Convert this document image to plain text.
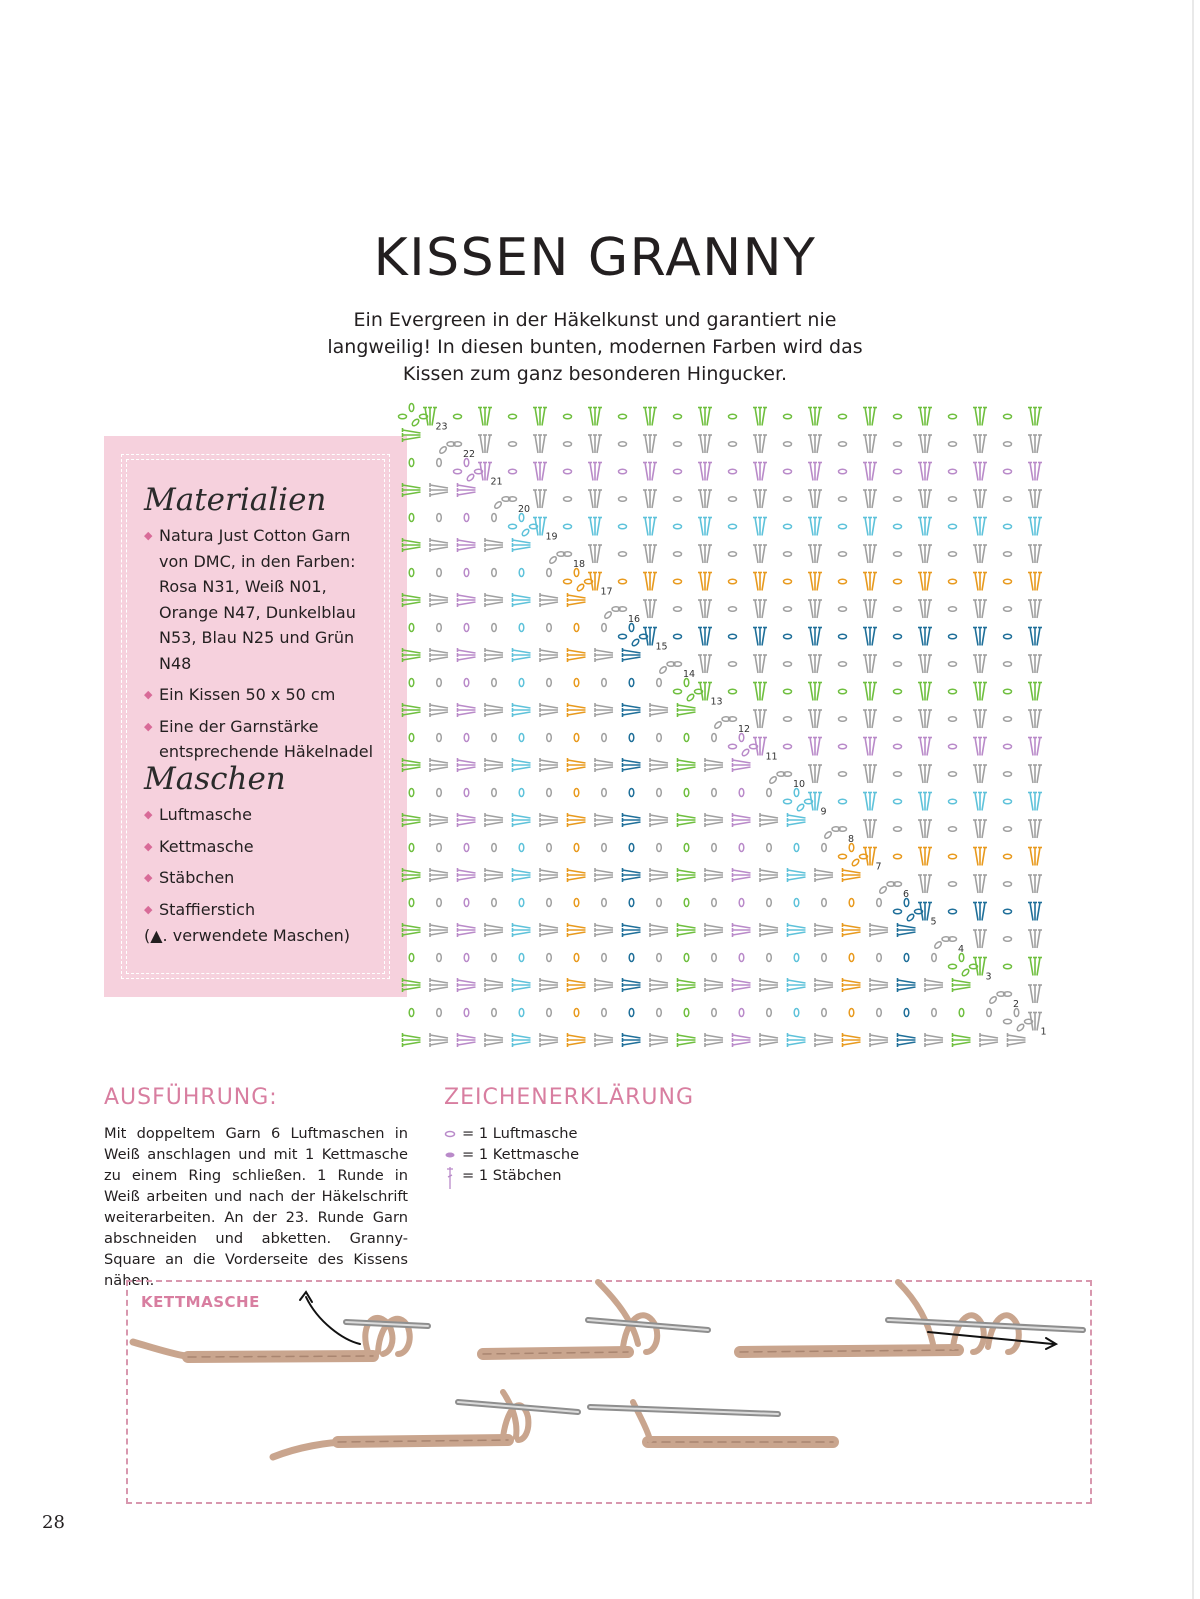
KISSEN GRANNY

Ein Evergreen in der Häkelkunst und garantiert nie langweilig! In diesen bunten, modernen Farben wird das Kissen zum ganz besonderen Hingucker.

Materialien
◆ Natura Just Cotton Garn von DMC, in den Farben: Rosa N31, Weiß N01, Orange N47, Dunkelblau N53, Blau N25 und Grün N48
◆ Ein Kissen 50 x 50 cm
◆ Eine der Garnstärke entsprechende Häkelnadel
Maschen
◆ Luftmasche
◆ Kettmasche
◆ Stäbchen
◆ Staffierstich
(▲. verwendete Maschen)
1
2
3
4
5
6
7
8
9
10
11
12
13
14
15
16
17
18
19
20
21
22
23
AUSFÜHRUNG:

Mit doppeltem Garn 6 Luftmaschen in Weiß anschlagen und mit 1 Kettmasche zu einem Ring schließen. 1 Runde in Weiß arbeiten und nach der Häkelschrift weiterarbeiten. An der 23. Runde Garn abschneiden und abketten. Granny-Square an die Vorderseite des Kissens nähen.

ZEICHENERKLÄRUNG
= 1 Luftmasche
= 1 Kettmasche
= 1 Stäbchen
KETTMASCHE
28
